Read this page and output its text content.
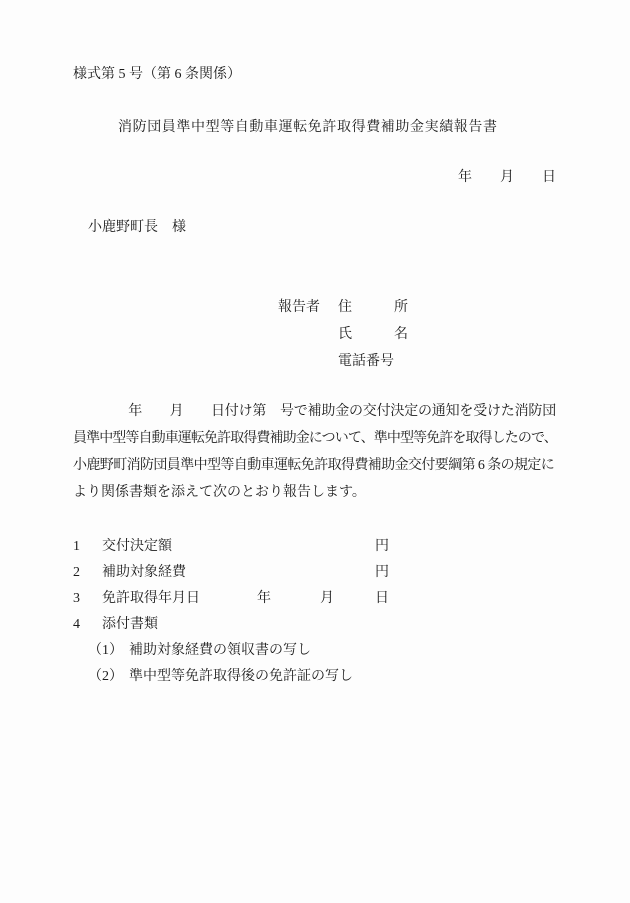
様式第 5 号（第 6 条関係）
消防団員準中型等自動車運転免許取得費補助金実績報告書
年　　月　　日
小鹿野町長　様
報告者 住　　　所
氏　　　名
電話番号
　　　　年　　月　　日付け第　号で補助金の交付決定の通知を受けた消防団
員準中型等自動車運転免許取得費補助金について、準中型等免許を取得したので、
小鹿野町消防団員準中型等自動車運転免許取得費補助金交付要綱第 6 条の規定に
より関係書類を添えて次のとおり報告します。
1 交付決定額	円
2 補助対象経費	円
3 免許取得年月日	年	月	日
4 添付書類
（1） 補助対象経費の領収書の写し
（2） 準中型等免許取得後の免許証の写し
